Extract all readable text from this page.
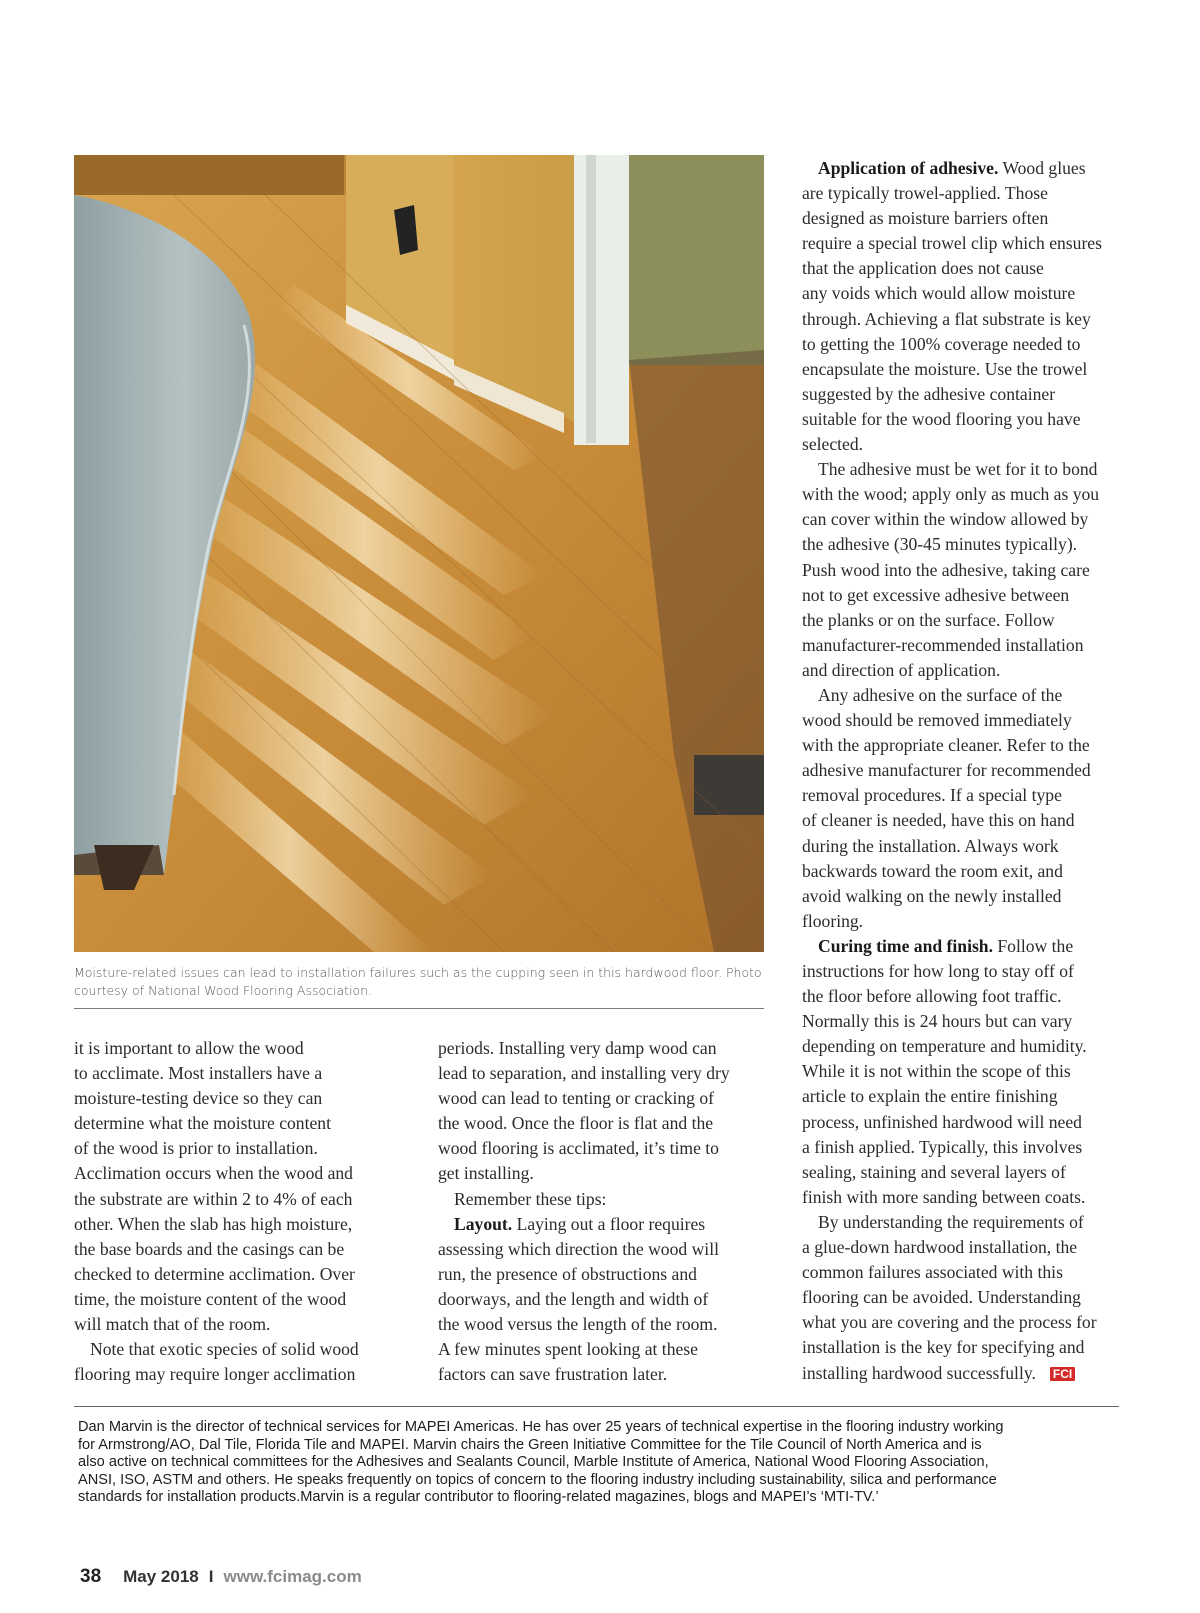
Moisture-related issues can lead to installation failures such as the cupping seen in this hardwood floor. Photo
courtesy of National Wood Flooring Association.

it is important to allow the wood
to acclimate. Most installers have a
moisture-testing device so they can
determine what the moisture content
of the wood is prior to installation.
Acclimation occurs when the wood and
the substrate are within 2 to 4% of each
other. When the slab has high moisture,
the base boards and the casings can be
checked to determine acclimation. Over
time, the moisture content of the wood
will match that of the room.

Note that exotic species of solid wood
flooring may require longer acclimation

periods. Installing very damp wood can
lead to separation, and installing very dry
wood can lead to tenting or cracking of
the wood. Once the floor is flat and the
wood flooring is acclimated, it’s time to
get installing.

Remember these tips:

Layout. Laying out a floor requires
assessing which direction the wood will
run, the presence of obstructions and
doorways, and the length and width of
the wood versus the length of the room.
A few minutes spent looking at these
factors can save frustration later.

Application of adhesive. Wood glues
are typically trowel-applied. Those
designed as moisture barriers often
require a special trowel clip which ensures
that the application does not cause
any voids which would allow moisture
through. Achieving a flat substrate is key
to getting the 100% coverage needed to
encapsulate the moisture. Use the trowel
suggested by the adhesive container
suitable for the wood flooring you have
selected.

The adhesive must be wet for it to bond
with the wood; apply only as much as you
can cover within the window allowed by
the adhesive (30-45 minutes typically).
Push wood into the adhesive, taking care
not to get excessive adhesive between
the planks or on the surface. Follow
manufacturer-recommended installation
and direction of application.

Any adhesive on the surface of the
wood should be removed immediately
with the appropriate cleaner. Refer to the
adhesive manufacturer for recommended
removal procedures. If a special type
of cleaner is needed, have this on hand
during the installation. Always work
backwards toward the room exit, and
avoid walking on the newly installed
flooring.

Curing time and finish. Follow the
instructions for how long to stay off of
the floor before allowing foot traffic.
Normally this is 24 hours but can vary
depending on temperature and humidity.
While it is not within the scope of this
article to explain the entire finishing
process, unfinished hardwood will need
a finish applied. Typically, this involves
sealing, staining and several layers of
finish with more sanding between coats.

By understanding the requirements of
a glue-down hardwood installation, the
common failures associated with this
flooring can be avoided. Understanding
what you are covering and the process for
installation is the key for specifying and
installing hardwood successfully. FCI

Dan Marvin is the director of technical services for MAPEI Americas. He has over 25 years of technical expertise in the flooring industry working
for Armstrong/AO, Dal Tile, Florida Tile and MAPEI. Marvin chairs the Green Initiative Committee for the Tile Council of North America and is
also active on technical committees for the Adhesives and Sealants Council, Marble Institute of America, National Wood Flooring Association,
ANSI, ISO, ASTM and others. He speaks frequently on topics of concern to the flooring industry including sustainability, silica and performance
standards for installation products.Marvin is a regular contributor to flooring-related magazines, blogs and MAPEI’s ‘MTI-TV.’
38 May 2018 I www.fcimag.com
